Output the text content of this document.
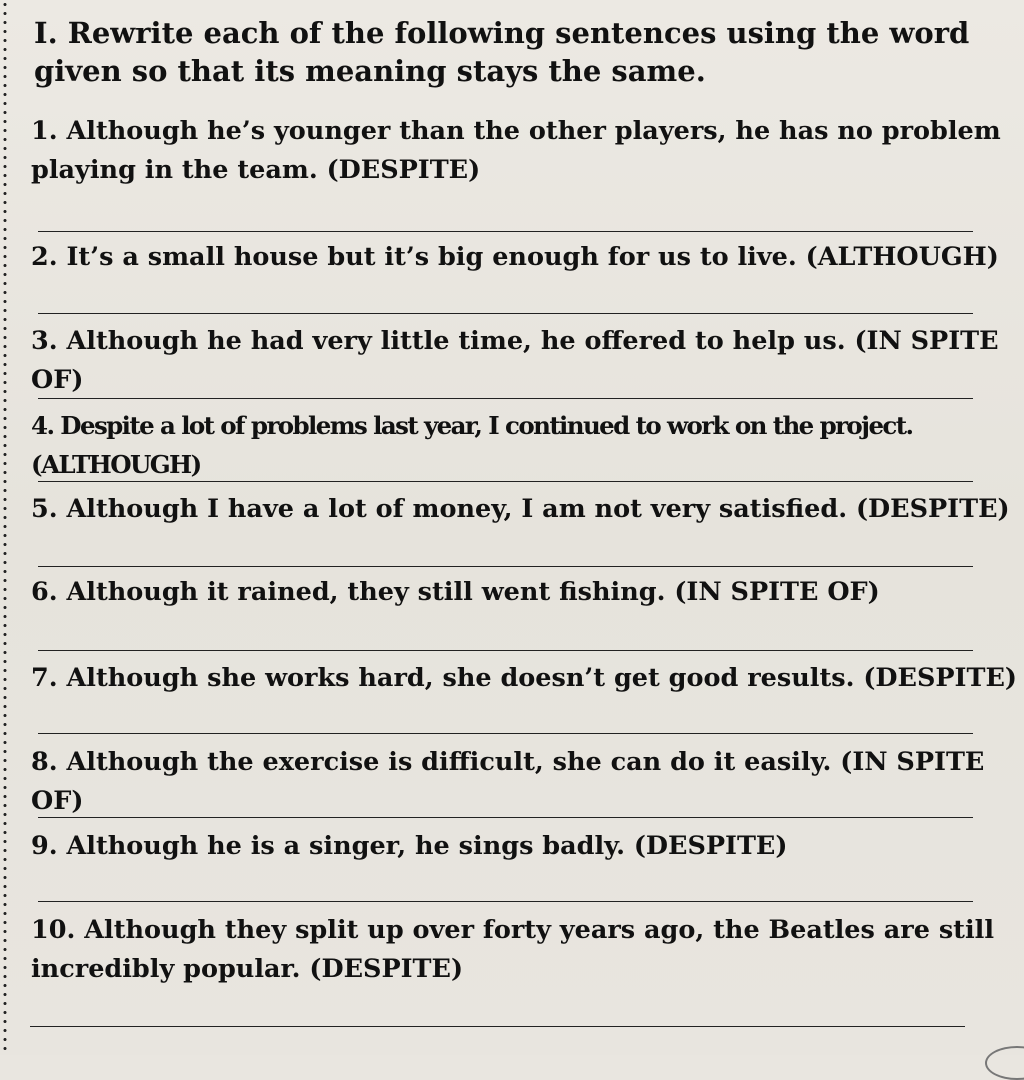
I. Rewrite each of the following sentences using the word given so that its meaning stays the same.
1. Although he’s younger than the other players, he has no problem playing in the team. (DESPITE)
2. It’s a small house but it’s big enough for us to live. (ALTHOUGH)
3. Although he had very little time, he offered to help us. (IN SPITE OF)
4. Despite a lot of problems last year, I continued to work on the project. (ALTHOUGH)
5. Although I have a lot of money, I am not very satisfied. (DESPITE)
6. Although it rained, they still went fishing. (IN SPITE OF)
7. Although she works hard, she doesn’t get good results. (DESPITE)
8. Although the exercise is difficult, she can do it easily. (IN SPITE OF)
9. Although he is a singer, he sings badly. (DESPITE)
10. Although they split up over forty years ago, the Beatles are still incredibly popular. (DESPITE)
